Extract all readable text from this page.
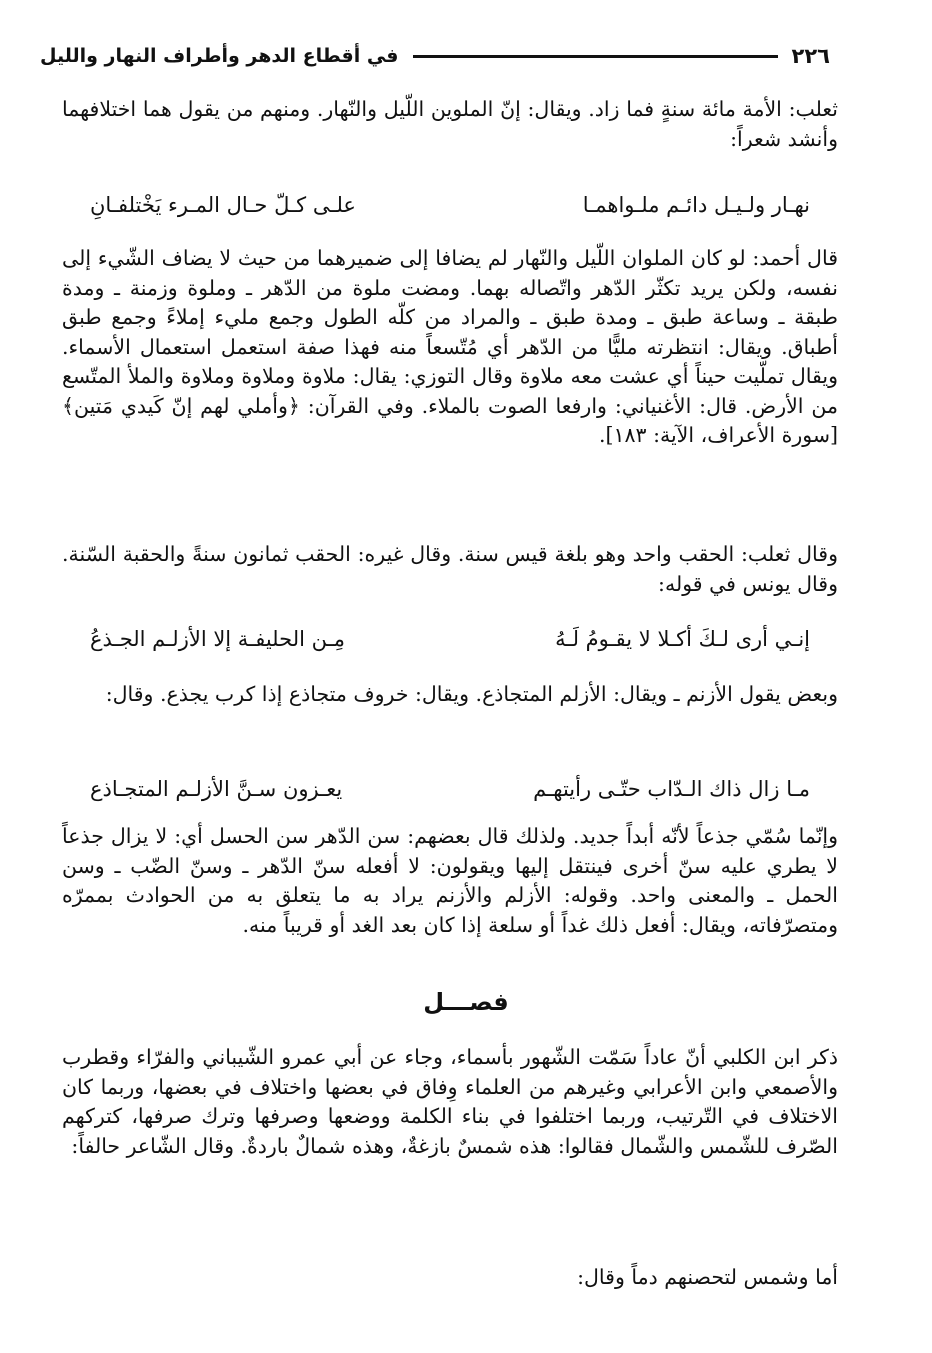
٢٢٦
في أقطاع الدهر وأطراف النهار والليل

ثعلب: الأمة مائة سنةٍ فما زاد. ويقال: إنّ الملوين اللّيل والنّهار. ومنهم من يقول هما اختلافهما وأنشد شعراً:

نهـار ولـيـل دائـم ملـواهمـا
علـى كـلّ حـال المـرء يَخْتلفـانِ

قال أحمد: لو كان الملوان اللّيل والنّهار لم يضافا إلى ضميرهما من حيث لا يضاف الشّيء إلى نفسه، ولكن يريد تكثّر الدّهر واتّصاله بهما. ومضت ملوة من الدّهر ـ وملوة وزمنة ـ ومدة طبقة ـ وساعة طبق ـ ومدة طبق ـ والمراد من كلّه الطول وجمع مليء إملاءً وجمع طبق أطباق. ويقال: انتظرته مليًّا من الدّهر أي مُتّسعاً منه فهذا صفة استعمل استعمال الأسماء. ويقال تملّيت حيناً أي عشت معه ملاوة وقال التوزي: يقال: ملاوة وملاوة وملاوة والملأ المتّسع من الأرض. قال: الأغنياني: وارفعا الصوت بالملاء. وفي القرآن: ﴿وأملي لهم إنّ كَيدي مَتين﴾ [سورة الأعراف، الآية: ١٨٣].

وقال ثعلب: الحقب واحد وهو بلغة قيس سنة. وقال غيره: الحقب ثمانون سنةً والحقبة السّنة. وقال يونس في قوله:

إنـي أرى لـكَ أكـلا لا يقـومُ لَـهُ
مِـن الحليفـة إلا الأزلـم الجـذعُ

وبعض يقول الأزنم ـ ويقال: الأزلم المتجاذع. ويقال: خروف متجاذع إذا كرب يجذع. وقال:

مـا زال ذاك الـدّاب حتّـى رأيتهـم
يعـزون سـنَّ الأزلـم المتجـاذع

وإنّما سُمّي جذعاً لأنّه أبداً جديد. ولذلك قال بعضهم: سن الدّهر سن الحسل أي: لا يزال جذعاً لا يطري عليه سنّ أخرى فينتقل إليها ويقولون: لا أفعله سنّ الدّهر ـ وسنّ الضّب ـ وسن الحمل ـ والمعنى واحد. وقوله: الأزلم والأزنم يراد به ما يتعلق به من الحوادث بممرّه ومتصرّفاته، ويقال: أفعل ذلك غداً أو سلعة إذا كان بعد الغد أو قريباً منه.

فصـــل

ذكر ابن الكلبي أنّ عاداً سَمّت الشّهور بأسماء، وجاء عن أبي عمرو الشّيباني والفرّاء وقطرب والأصمعي وابن الأعرابي وغيرهم من العلماء وِفاق في بعضها واختلاف في بعضها، وربما كان الاختلاف في التّرتيب، وربما اختلفوا في بناء الكلمة ووضعها وصرفها وترك صرفها، كتركهم الصّرف للشّمس والشّمال فقالوا: هذه شمسٌ بازغةٌ، وهذه شمالٌ باردةٌ. وقال الشّاعر حالفاً:

أما وشمس لتحصنهم دماً وقال:
